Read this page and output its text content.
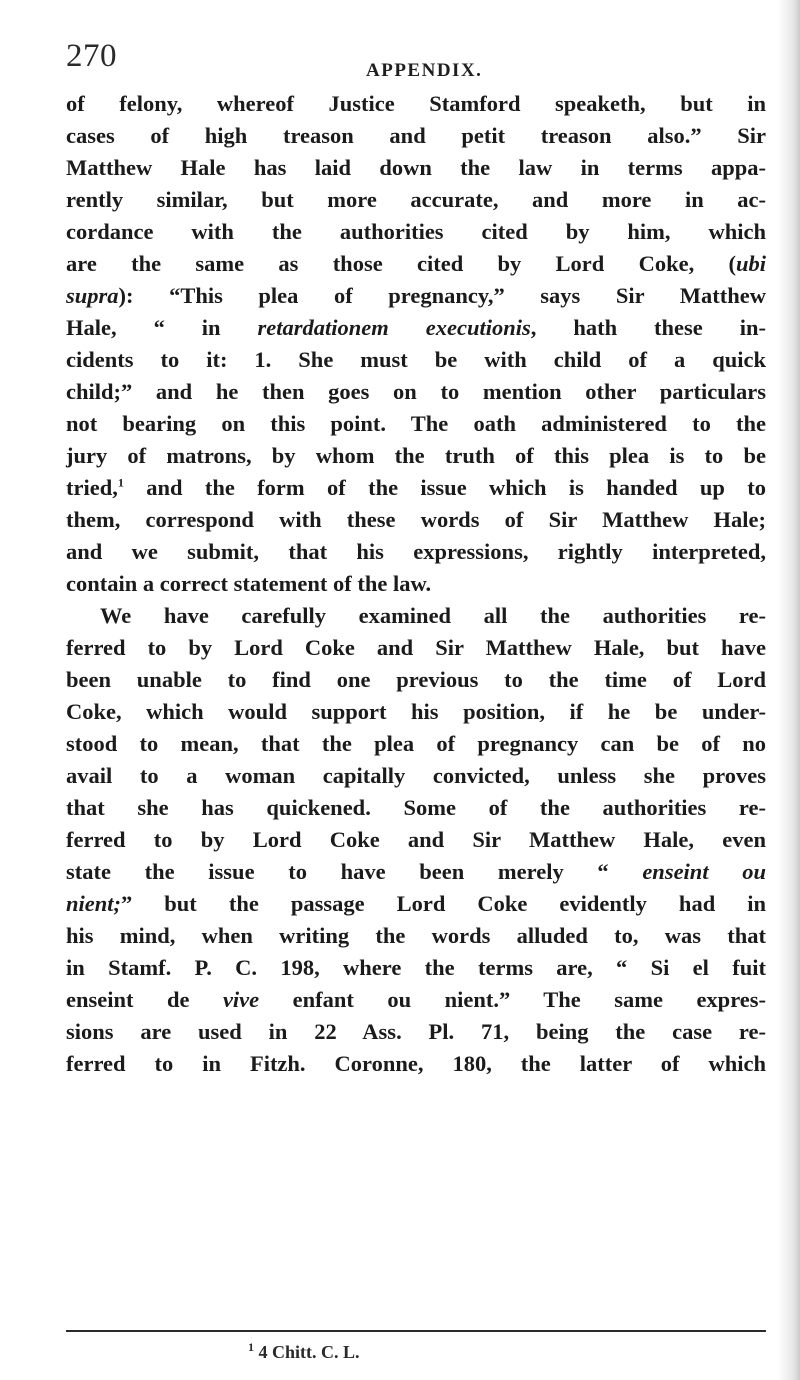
270	APPENDIX.
of felony, whereof Justice Stamford speaketh, but in
cases of high treason and petit treason also.” Sir
Matthew Hale has laid down the law in terms appa-
rently similar, but more accurate, and more in ac-
cordance with the authorities cited by him, which
are the same as those cited by Lord Coke, (ubi
supra): “This plea of pregnancy,” says Sir Matthew
Hale, “ in retardationem executionis, hath these in-
cidents to it: 1. She must be with child of a quick
child;” and he then goes on to mention other particulars
not bearing on this point. The oath administered to the
jury of matrons, by whom the truth of this plea is to be
tried,$^1$ and the form of the issue which is handed up to
them, correspond with these words of Sir Matthew Hale;
and we submit, that his expressions, rightly interpreted,
contain a correct statement of the law.
We have carefully examined all the authorities re-
ferred to by Lord Coke and Sir Matthew Hale, but have
been unable to find one previous to the time of Lord
Coke, which would support his position, if he be under-
stood to mean, that the plea of pregnancy can be of no
avail to a woman capitally convicted, unless she proves
that she has quickened. Some of the authorities re-
ferred to by Lord Coke and Sir Matthew Hale, even
state the issue to have been merely “ enseint ou
nient;” but the passage Lord Coke evidently had in
his mind, when writing the words alluded to, was that
in Stamf. P. C. 198, where the terms are, “ Si el fuit
enseint de vive enfant ou nient.” The same expres-
sions are used in 22 Ass. Pl. 71, being the case re-
ferred to in Fitzh. Coronne, 180, the latter of which
$^1$ 4 Chitt. C. L.
